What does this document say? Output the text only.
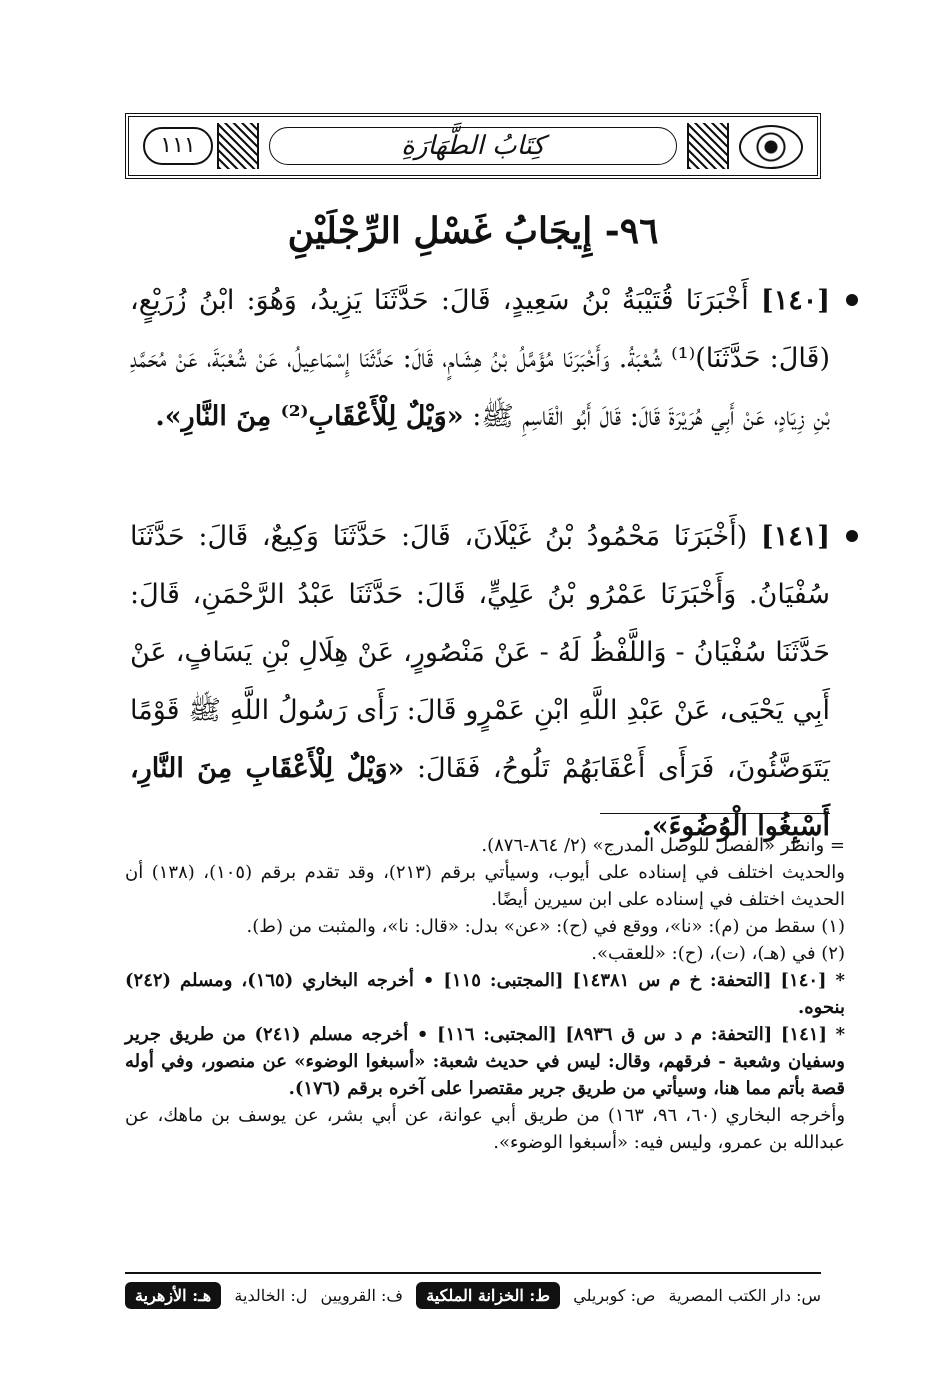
١١١	كِتَابُ الطَّهَارَةِ
٩٦- إِيجَابُ غَسْلِ الرِّجْلَيْنِ
[١٤٠] أَخْبَرَنَا قُتَيْبَةُ بْنُ سَعِيدٍ، قَالَ: حَدَّثَنَا يَزِيدُ، وَهُوَ: ابْنُ زُرَيْعٍ، (قَالَ: حَدَّثَنَا)⁽¹⁾ شُعْبَةُ. وَأَخْبَرَنَا مُؤَمَّلُ بْنُ هِشَامٍ، قَالَ: حَدَّثَنَا إِسْمَاعِيلُ، عَنْ شُعْبَةَ، عَنْ مُحَمَّدِ بْنِ زِيَادٍ، عَنْ أَبِي هُرَيْرَةَ قَالَ: قَالَ أَبُو الْقَاسِمِ ﷺ: «وَيْلٌ لِلْأَعْقَابِ⁽²⁾ مِنَ النَّارِ».
[١٤١] (أَخْبَرَنَا مَحْمُودُ بْنُ غَيْلَانَ، قَالَ: حَدَّثَنَا وَكِيعٌ، قَالَ: حَدَّثَنَا سُفْيَانُ. وَأَخْبَرَنَا عَمْرُو بْنُ عَلِيٍّ، قَالَ: حَدَّثَنَا عَبْدُ الرَّحْمَنِ، قَالَ: حَدَّثَنَا سُفْيَانُ - وَاللَّفْظُ لَهُ - عَنْ مَنْصُورٍ، عَنْ هِلَالِ بْنِ يَسَافٍ، عَنْ أَبِي يَحْيَى، عَنْ عَبْدِ اللَّهِ ابْنِ عَمْرٍو قَالَ: رَأَى رَسُولُ اللَّهِ ﷺ قَوْمًا يَتَوَضَّئُونَ، فَرَأَى أَعْقَابَهُمْ تَلُوحُ، فَقَالَ: «وَيْلٌ لِلْأَعْقَابِ مِنَ النَّارِ، أَسْبِغُوا الْوُضُوءَ».

= وانظر «الفصل للوصل المدرج» (٢/ ٨٦٤-٨٧٦).

والحديث اختلف في إسناده على أيوب، وسيأتي برقم (٢١٣)، وقد تقدم برقم (١٠٥)، (١٣٨) أن الحديث اختلف في إسناده على ابن سيرين أيضًا.

(١) سقط من (م): «نا»، ووقع في (ح): «عن» بدل: «قال: نا»، والمثبت من (ط).

(٢) في (هـ)، (ت)، (ح): «للعقب».

* [١٤٠] [التحفة: خ م س ١٤٣٨١] [المجتبى: ١١٥] • أخرجه البخاري (١٦٥)، ومسلم (٢٤٢) بنحوه.

* [١٤١] [التحفة: م د س ق ٨٩٣٦] [المجتبى: ١١٦] • أخرجه مسلم (٢٤١) من طريق جرير وسفيان وشعبة - فرقهم، وقال: ليس في حديث شعبة: «أسبغوا الوضوء» عن منصور، وفي أوله قصة بأتم مما هنا، وسيأتي من طريق جرير مقتصرا على آخره برقم (١٧٦).

وأخرجه البخاري (٦٠، ٩٦، ١٦٣) من طريق أبي عوانة، عن أبي بشر، عن يوسف بن ماهك، عن عبدالله بن عمرو، وليس فيه: «أسبغوا الوضوء».

س: دار الكتب المصرية
ص: كوبريلي
ط: الخزانة الملكية
ف: القرويين
ل: الخالدية
هـ: الأزهرية
